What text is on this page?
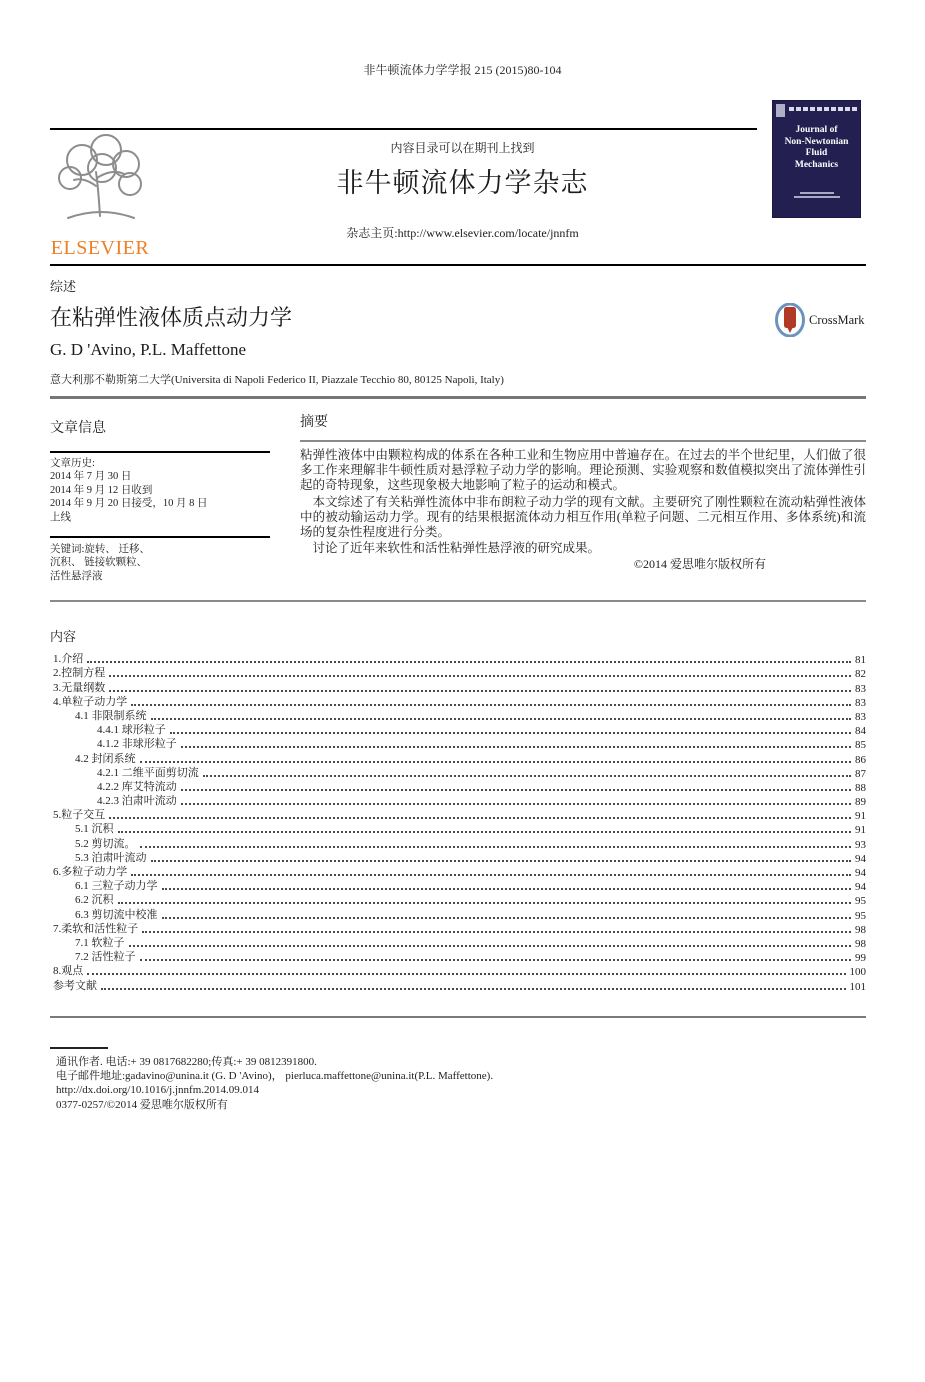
非牛顿流体力学学报 215 (2015)80-104
ELSEVIER
内容目录可以在期刊上找到
非牛顿流体力学杂志
杂志主页:http://www.elsevier.com/locate/jnnfm
Journal of
Non-Newtonian
Fluid
Mechanics
综述
在粘弹性液体质点动力学	CrossMark
G. D 'Avino, P.L. Maffettone
意大利那不勒斯第二大学(Universita di Napoli Federico II, Piazzale Tecchio 80, 80125 Napoli, Italy)
文章信息
文章历史:
2014 年 7 月 30 日
2014 年 9 月 12 日收到
2014 年 9 月 20 日接受，10 月 8 日
上线
关键词:旋转、 迁移、
沉积、 链接软颗粒、
活性悬浮液
摘要

粘弹性液体中由颗粒构成的体系在各种工业和生物应用中普遍存在。在过去的半个世纪里，人们做了很多工作来理解非牛顿性质对悬浮粒子动力学的影响。理论预测、实验观察和数值模拟突出了流体弹性引起的奇特现象，这些现象极大地影响了粒子的运动和模式。

本文综述了有关粘弹性流体中非布朗粒子动力学的现有文献。主要研究了刚性颗粒在流动粘弹性液体中的被动输运动力学。现有的结果根据流体动力相互作用(单粒子问题、二元相互作用、多体系统)和流场的复杂性程度进行分类。

讨论了近年来软性和活性粘弹性悬浮液的研究成果。

©2014 爱思唯尔版权所有
内容
1.介绍	81
2.控制方程	82
3.无量纲数	83
4.单粒子动力学	83
4.1 非限制系统	83
4.4.1 球形粒子	84
4.1.2 非球形粒子	85
4.2 封闭系统	86
4.2.1 二维平面剪切流	87
4.2.2 库艾特流动	88
4.2.3 泊肃叶流动	89
5.粒子交互	91
5.1 沉积	91
5.2 剪切流。	93
5.3 泊肃叶流动	94
6.多粒子动力学	94
6.1 三粒子动力学	94
6.2 沉积	95
6.3 剪切流中校准	95
7.柔软和活性粒子	98
7.1 软粒子	98
7.2 活性粒子	99
8.观点	100
参考文献	101
通讯作者. 电话:+ 39 0817682280;传真:+ 39 0812391800.
电子邮件地址:gadavino@unina.it (G. D 'Avino)， pierluca.maffettone@unina.it(P.L. Maffettone).
http://dx.doi.org/10.1016/j.jnnfm.2014.09.014
0377-0257/©2014 爱思唯尔版权所有
